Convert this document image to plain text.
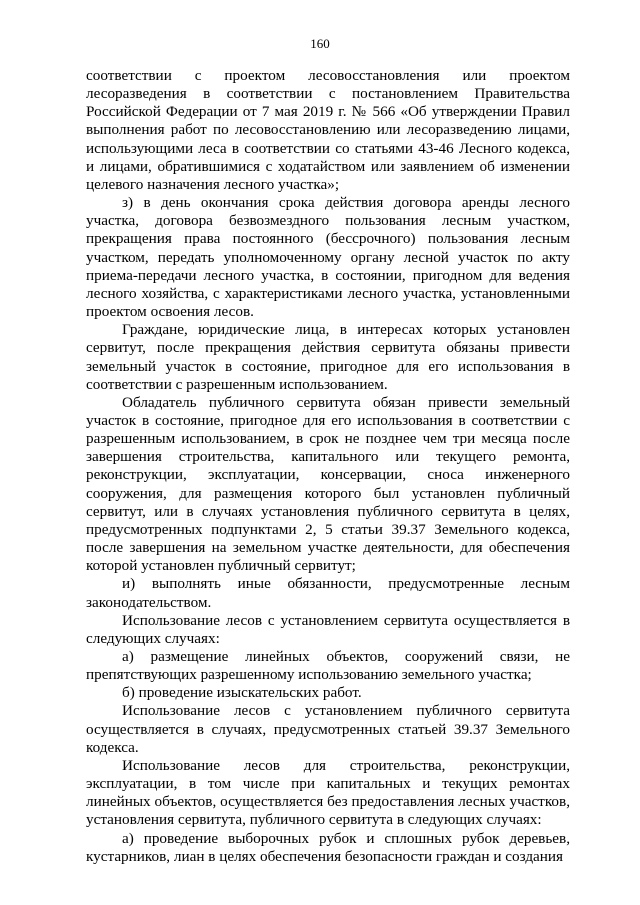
160

соответствии с проектом лесовосстановления или проектом лесоразведения в соответствии с постановлением Правительства Российской Федерации от 7 мая 2019 г. № 566 «Об утверждении Правил выполнения работ по лесовосстановлению или лесоразведению лицами, использующими леса в соответствии со статьями 43-46 Лесного кодекса, и лицами, обратившимися с ходатайством или заявлением об изменении целевого назначения лесного участка»;

з) в день окончания срока действия договора аренды лесного участка, договора безвозмездного пользования лесным участком, прекращения права постоянного (бессрочного) пользования лесным участком, передать уполномоченному органу лесной участок по акту приема-передачи лесного участка, в состоянии, пригодном для ведения лесного хозяйства, с характеристиками лесного участка, установленными проектом освоения лесов.

Граждане, юридические лица, в интересах которых установлен сервитут, после прекращения действия сервитута обязаны привести земельный участок в состояние, пригодное для его использования в соответствии с разрешенным использованием.

Обладатель публичного сервитута обязан привести земельный участок в состояние, пригодное для его использования в соответствии с разрешенным использованием, в срок не позднее чем три месяца после завершения строительства, капитального или текущего ремонта, реконструкции, эксплуатации, консервации, сноса инженерного сооружения, для размещения которого был установлен публичный сервитут, или в случаях установления публичного сервитута в целях, предусмотренных подпунктами 2, 5 статьи 39.37 Земельного кодекса, после завершения на земельном участке деятельности, для обеспечения которой установлен публичный сервитут;

и) выполнять иные обязанности, предусмотренные лесным законодательством.

Использование лесов с установлением сервитута осуществляется в следующих случаях:

а) размещение линейных объектов, сооружений связи, не препятствующих разрешенному использованию земельного участка;

б) проведение изыскательских работ.

Использование лесов с установлением публичного сервитута осуществляется в случаях, предусмотренных статьей 39.37 Земельного кодекса.

Использование лесов для строительства, реконструкции, эксплуатации, в том числе при капитальных и текущих ремонтах линейных объектов, осуществляется без предоставления лесных участков, установления сервитута, публичного сервитута в следующих случаях:

а) проведение выборочных рубок и сплошных рубок деревьев, кустарников, лиан в целях обеспечения безопасности граждан и создания
